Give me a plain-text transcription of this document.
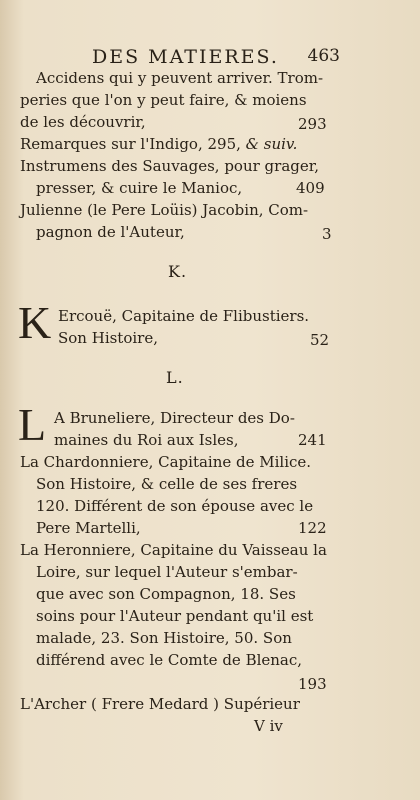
DES MATIERES. 463
Accidens qui y peuvent arriver. Trom-
peries que l'on y peut faire, & moiens
de les découvrir,	293
Remarques sur l'Indigo, 295, & suiv.
Instrumens des Sauvages, pour grager,
presser, & cuire le Manioc,	409
Julienne (le Pere Loüis) Jacobin, Com-
pagnon de l'Auteur,	3
K.
K Ercouë, Capitaine de Flibustiers.
Son Histoire,	52
L.
L A Bruneliere, Directeur des Do-
maines du Roi aux Isles,	241
La Chardonniere, Capitaine de Milice.
Son Histoire, & celle de ses freres
120. Différent de son épouse avec le
Pere Martelli,	122
La Heronniere, Capitaine du Vaisseau la
Loire, sur lequel l'Auteur s'embar-
que avec son Compagnon, 18. Ses
soins pour l'Auteur pendant qu'il est
malade, 23. Son Histoire, 50. Son
différend avec le Comte de Blenac,
193
L'Archer ( Frere Medard ) Supérieur
V iv
